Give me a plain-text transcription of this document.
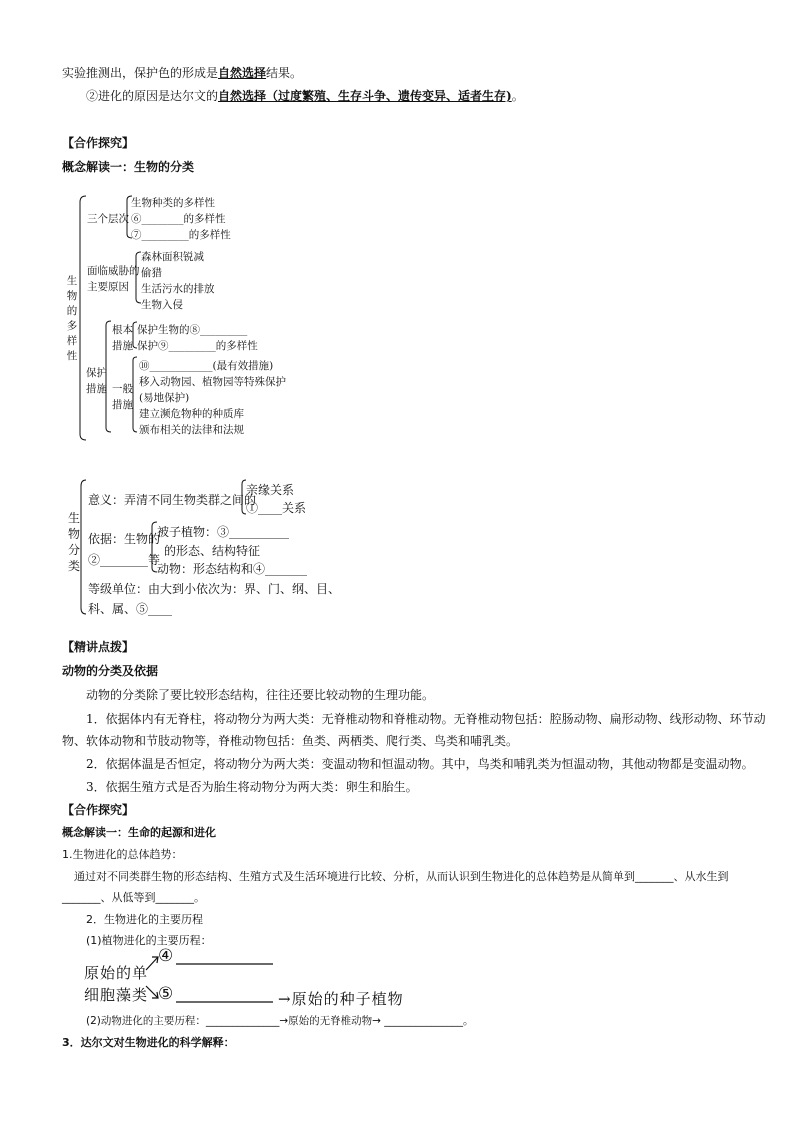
实验推测出，保护色的形成是自然选择结果。
②进化的原因是达尔文的自然选择（过度繁殖、生存斗争、遗传变异、适者生存)。
【合作探究】
概念解读一：生物的分类
生物的多样性
三个层次
生物种类的多样性
⑥________的多样性
⑦_________的多样性
面临威胁的
主要原因
森林面积锐减
偷猎
生活污水的排放
生物入侵
保护
措施
根本
措施
保护生物的⑧_________
保护⑨_________的多样性
一般
措施
⑩____________(最有效措施)
移入动物园、植物园等特殊保护
(易地保护)
建立濒危物种的种质库
颁布相关的法律和法规
生物分类
意义：弄清不同生物类群之间的
亲缘关系
①____关系
依据：生物的
②________等
被子植物：③__________
的形态、结构特征
动物：形态结构和④_______
等级单位：由大到小依次为：界、门、纲、目、
科、属、⑤____
【精讲点拨】
动物的分类及依据
动物的分类除了要比较形态结构，往往还要比较动物的生理功能。
1．依据体内有无脊柱，将动物分为两大类：无脊椎动物和脊椎动物。无脊椎动物包括：腔肠动物、扁形动物、线形动物、环节动
物、软体动物和节肢动物等，脊椎动物包括：鱼类、两栖类、爬行类、鸟类和哺乳类。
2．依据体温是否恒定，将动物分为两大类：变温动物和恒温动物。其中，鸟类和哺乳类为恒温动物，其他动物都是变温动物。
3．依据生殖方式是否为胎生将动物分为两大类：卵生和胎生。
【合作探究】
概念解读一：生命的起源和进化
1.生物进化的总体趋势：
通过对不同类群生物的形态结构、生殖方式及生活环境进行比较、分析，从而认识到生物进化的总体趋势是从简单到_______、从水生到
_______、从低等到_______。
2．生物进化的主要历程
(1)植物进化的主要历程：
原始的单
细胞藻类
④
⑤	→原始的种子植物
(2)动物进化的主要历程：______________→原始的无脊椎动物→ _______________。
3．达尔文对生物进化的科学解释：
